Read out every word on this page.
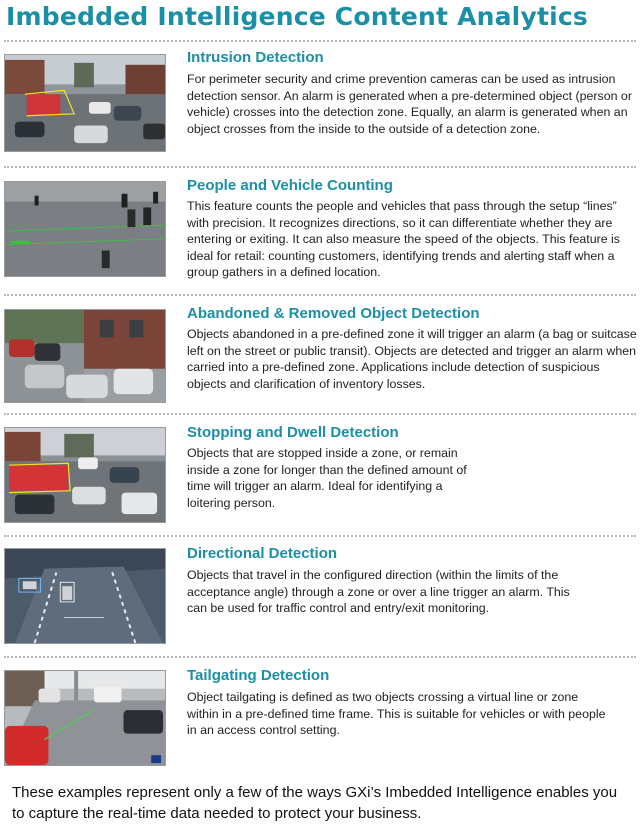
Imbedded Intelligence Content Analytics
Intrusion Detection
For perimeter security and crime prevention cameras can be used as intrusion detection sensor. An alarm is generated when a pre-determined object (person or vehicle) crosses into the detection zone. Equally, an alarm is generated when an object crosses from the inside to the outside of a detection zone.
People and Vehicle Counting
This feature counts the people and vehicles that pass through the setup “lines” with precision. It recognizes directions, so it can differentiate whether they are entering or exiting. It can also measure the speed of the objects. This feature is ideal for retail: counting customers, identifying trends and alerting staff when a group gathers in a defined location.
Abandoned & Removed Object Detection
Objects abandoned in a pre-defined zone it will trigger an alarm (a bag or suitcase left on the street or public transit). Objects are detected and trigger an alarm when carried into a pre-defined zone. Applications include detection of suspicious objects and clarification of inventory losses.
Stopping and Dwell Detection
Objects that are stopped inside a zone, or remain inside a zone for longer than the defined amount of time will trigger an alarm. Ideal for identifying a loitering person.
Directional Detection
Objects that travel in the configured direction (within the limits of the acceptance angle) through a zone or over a line trigger an alarm. This can be used for traffic control and entry/exit monitoring.
Tailgating Detection
Object tailgating is defined as two objects crossing a virtual line or zone within in a pre-defined time frame. This is suitable for vehicles or with people in an access control setting.
These examples represent only a few of the ways GXi’s Imbedded Intelligence enables you to capture the real-time data needed to protect your business.
